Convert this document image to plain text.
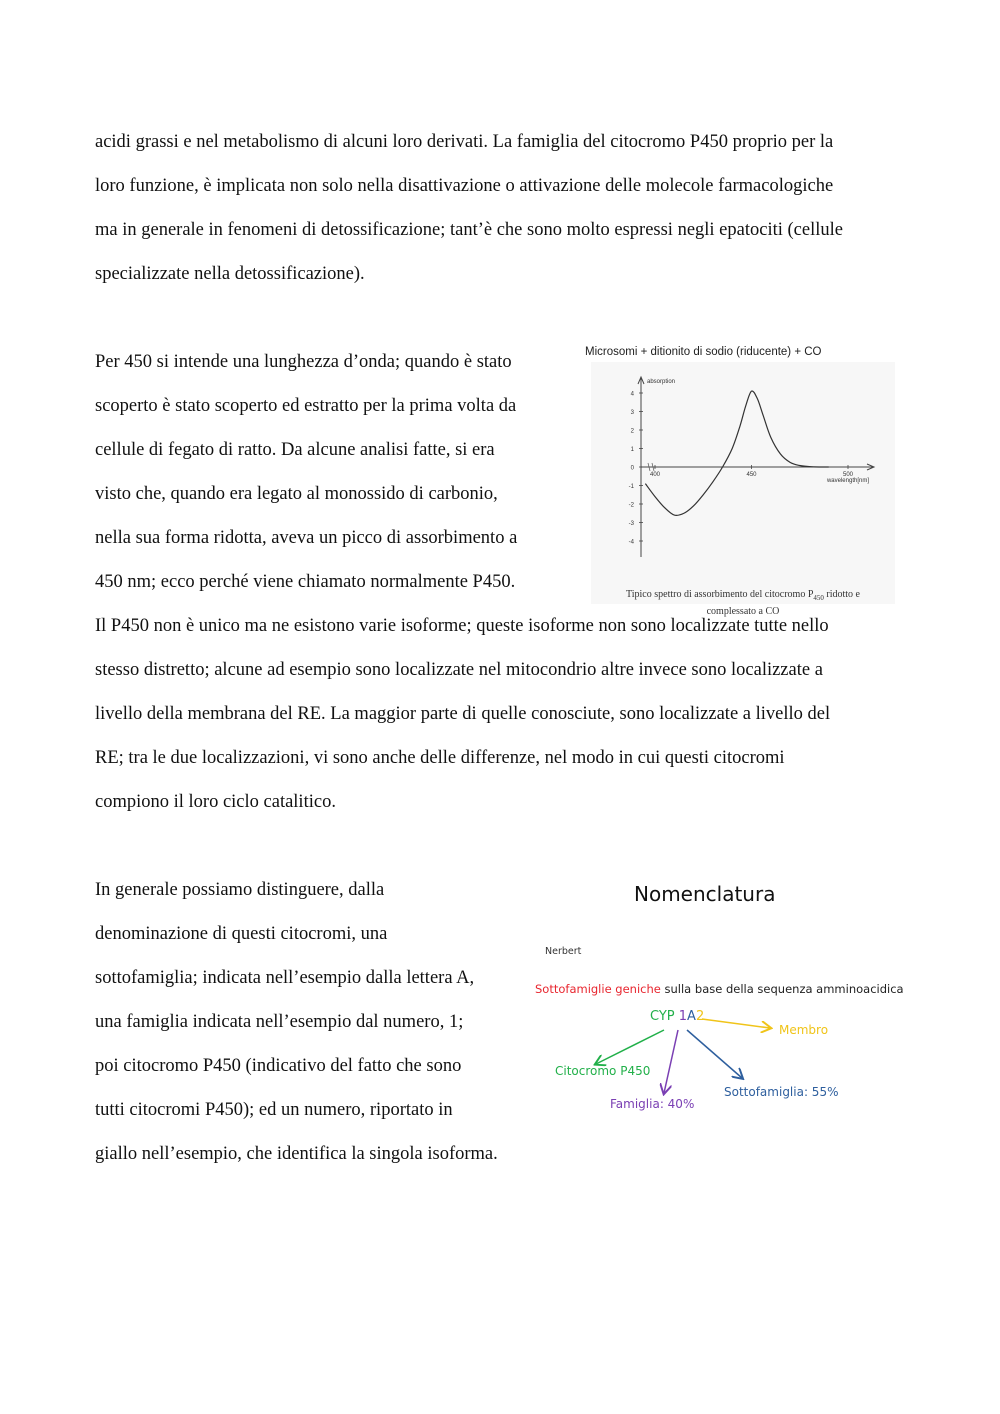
acidi grassi e nel metabolismo di alcuni loro derivati. La famiglia del citocromo P450 proprio per la
loro funzione, è implicata non solo nella disattivazione o attivazione delle molecole farmacologiche
ma in generale in fenomeni di detossificazione; tant’è che sono molto espressi negli epatociti (cellule
specializzate nella detossificazione).
Per 450 si intende una lunghezza d’onda; quando è stato
scoperto è stato scoperto ed estratto per la prima volta da
cellule di fegato di ratto. Da alcune analisi fatte, si era
visto che, quando era legato al monossido di carbonio,
nella sua forma ridotta, aveva un picco di assorbimento a
450 nm; ecco perché viene chiamato normalmente P450.
Il P450 non è unico ma ne esistono varie isoforme; queste isoforme non sono localizzate tutte nello
stesso distretto; alcune ad esempio sono localizzate nel mitocondrio altre invece sono localizzate a
livello della membrana del RE. La maggior parte di quelle conosciute, sono localizzate a livello del
RE; tra le due localizzazioni, vi sono anche delle differenze, nel modo in cui questi citocromi
compiono il loro ciclo catalitico.
In generale possiamo distinguere, dalla
denominazione di questi citocromi, una
sottofamiglia; indicata nell’esempio dalla lettera A,
una famiglia indicata nell’esempio dal numero, 1;
poi citocromo P450 (indicativo del fatto che sono
tutti citocromi P450); ed un numero, riportato in
giallo nell’esempio, che identifica la singola isoforma.
Microsomi + ditionito di sodio (riducente) + CO
4
3
2
1
0
-1
-2
-3
-4
400	450	500
absorption
wavelength[nm]
Tipico spettro di assorbimento del citocromo $P_{450}$ ridotto e
complessato a CO
Nomenclatura
Nerbert
Sottofamiglie geniche sulla base della sequenza amminoacidica
CYP 1A2
Membro
Citocromo P450
Famiglia: 40%
Sottofamiglia: 55%
